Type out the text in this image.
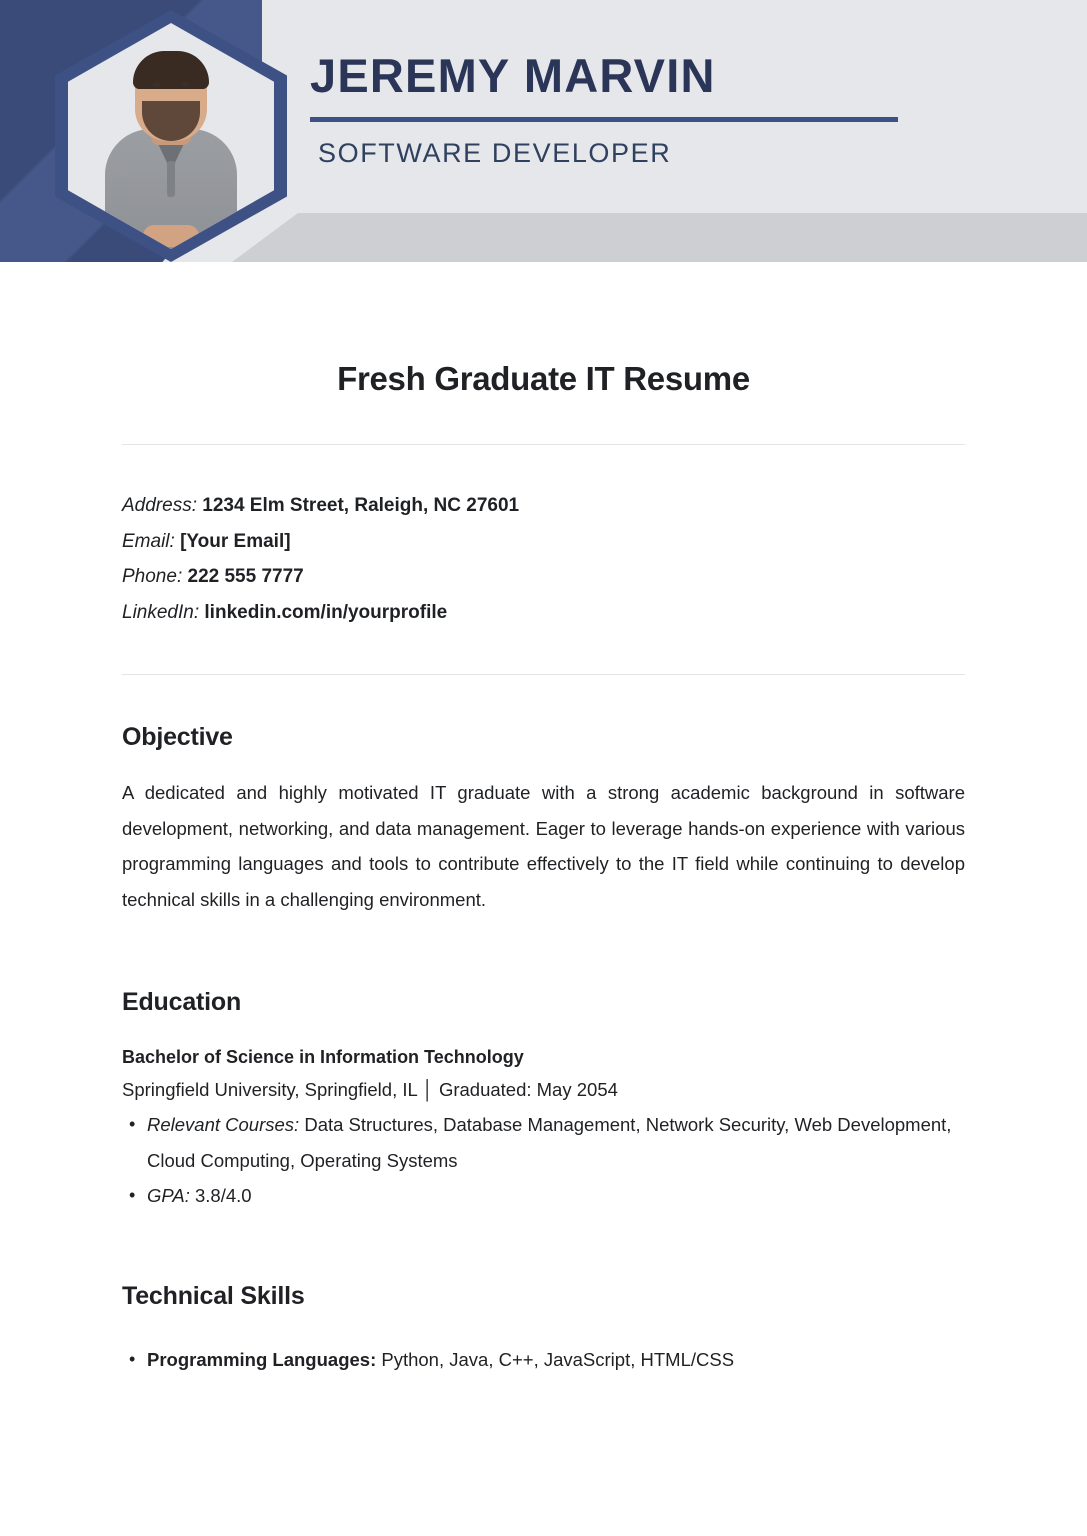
JEREMY MARVIN
SOFTWARE DEVELOPER
Fresh Graduate IT Resume
Address: 1234 Elm Street, Raleigh, NC 27601
Email: [Your Email]
Phone: 222 555 7777
LinkedIn: linkedin.com/in/yourprofile
Objective
A dedicated and highly motivated IT graduate with a strong academic background in software development, networking, and data management. Eager to leverage hands-on experience with various programming languages and tools to contribute effectively to the IT field while continuing to develop technical skills in a challenging environment.
Education
Bachelor of Science in Information Technology
Springfield University, Springfield, IL │ Graduated: May 2054
• Relevant Courses: Data Structures, Database Management, Network Security, Web Development, Cloud Computing, Operating Systems
• GPA: 3.8/4.0
Technical Skills
• Programming Languages: Python, Java, C++, JavaScript, HTML/CSS
